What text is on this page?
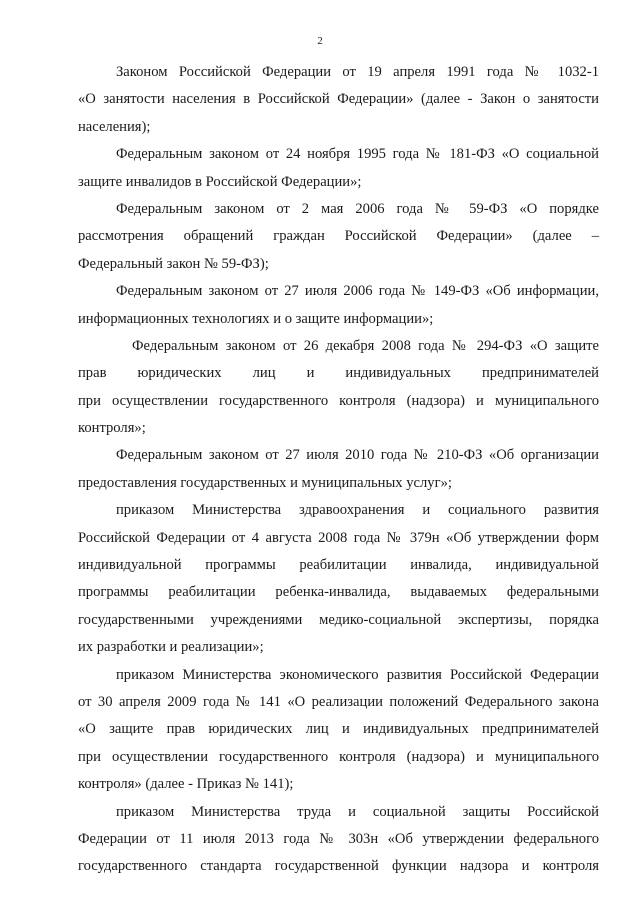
2
Законом Российской Федерации от 19 апреля 1991 года № 1032-1
«О занятости населения в Российской Федерации» (далее - Закон о занятости
населения);
Федеральным законом от 24 ноября 1995 года № 181-ФЗ «О социальной
защите инвалидов в Российской Федерации»;
Федеральным законом от 2 мая 2006 года № 59-ФЗ «О порядке
рассмотрения обращений граждан Российской Федерации» (далее –
Федеральный закон № 59-ФЗ);
Федеральным законом от 27 июля 2006 года № 149-ФЗ «Об информации,
информационных технологиях и о защите информации»;
Федеральным законом от 26 декабря 2008 года № 294-ФЗ «О защите
прав юридических лиц и индивидуальных предпринимателей
при осуществлении государственного контроля (надзора) и муниципального
контроля»;
Федеральным законом от 27 июля 2010 года № 210-ФЗ «Об организации
предоставления государственных и муниципальных услуг»;
приказом Министерства здравоохранения и социального развития
Российской Федерации от 4 августа 2008 года № 379н «Об утверждении форм
индивидуальной программы реабилитации инвалида, индивидуальной
программы реабилитации ребенка-инвалида, выдаваемых федеральными
государственными учреждениями медико-социальной экспертизы, порядка
их разработки и реализации»;
приказом Министерства экономического развития Российской Федерации
от 30 апреля 2009 года № 141 «О реализации положений Федерального закона
«О защите прав юридических лиц и индивидуальных предпринимателей
при осуществлении государственного контроля (надзора) и муниципального
контроля» (далее - Приказ № 141);
приказом Министерства труда и социальной защиты Российской
Федерации от 11 июля 2013 года № 303н «Об утверждении федерального
государственного стандарта государственной функции надзора и контроля
